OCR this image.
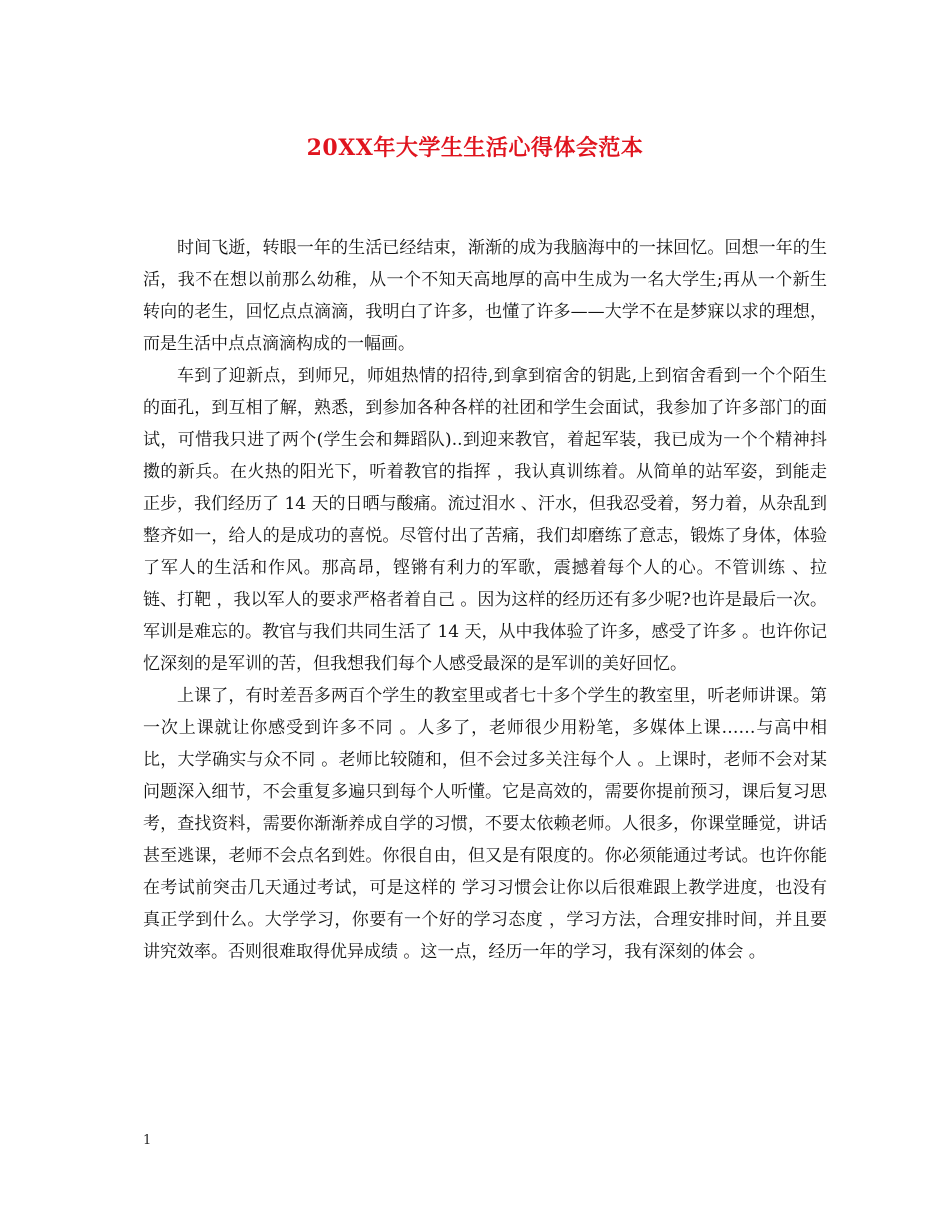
20XX年大学生生活心得体会范本

时间飞逝，转眼一年的生活已经结束，渐渐的成为我脑海中的一抹回忆。回想一年的生活，我不在想以前那么幼稚，从一个不知天高地厚的高中生成为一名大学生;再从一个新生转向的老生，回忆点点滴滴，我明白了许多，也懂了许多——大学不在是梦寐以求的理想，而是生活中点点滴滴构成的一幅画。

车到了迎新点，到师兄，师姐热情的招待,到拿到宿舍的钥匙,上到宿舍看到一个个陌生的面孔，到互相了解，熟悉，到参加各种各样的社团和学生会面试，我参加了许多部门的面试，可惜我只进了两个(学生会和舞蹈队)..到迎来教官，着起军装，我已成为一个个精神抖擞的新兵。在火热的阳光下，听着教官的指挥 ，我认真训练着。从简单的站军姿，到能走正步，我们经历了 14 天的日晒与酸痛。流过泪水 、汗水，但我忍受着，努力着，从杂乱到整齐如一，给人的是成功的喜悦。尽管付出了苦痛，我们却磨练了意志，锻炼了身体，体验了军人的生活和作风。那高昂，铿锵有利力的军歌，震撼着每个人的心。不管训练 、拉链、打靶 ，我以军人的要求严格者着自己 。因为这样的经历还有多少呢?也许是最后一次。军训是难忘的。教官与我们共同生活了 14 天，从中我体验了许多，感受了许多 。也许你记忆深刻的是军训的苦，但我想我们每个人感受最深的是军训的美好回忆。

上课了，有时差吾多两百个学生的教室里或者七十多个学生的教室里，听老师讲课。第一次上课就让你感受到许多不同 。人多了，老师很少用粉笔，多媒体上课……与高中相比，大学确实与众不同 。老师比较随和，但不会过多关注每个人 。上课时，老师不会对某问题深入细节，不会重复多遍只到每个人听懂。它是高效的，需要你提前预习，课后复习思考，查找资料，需要你渐渐养成自学的习惯，不要太依赖老师。人很多，你课堂睡觉，讲话甚至逃课，老师不会点名到姓。你很自由，但又是有限度的。你必须能通过考试。也许你能在考试前突击几天通过考试，可是这样的 学习习惯会让你以后很难跟上教学进度，也没有真正学到什么。大学学习，你要有一个好的学习态度 ，学习方法，合理安排时间，并且要讲究效率。否则很难取得优异成绩 。这一点，经历一年的学习，我有深刻的体会 。

1
